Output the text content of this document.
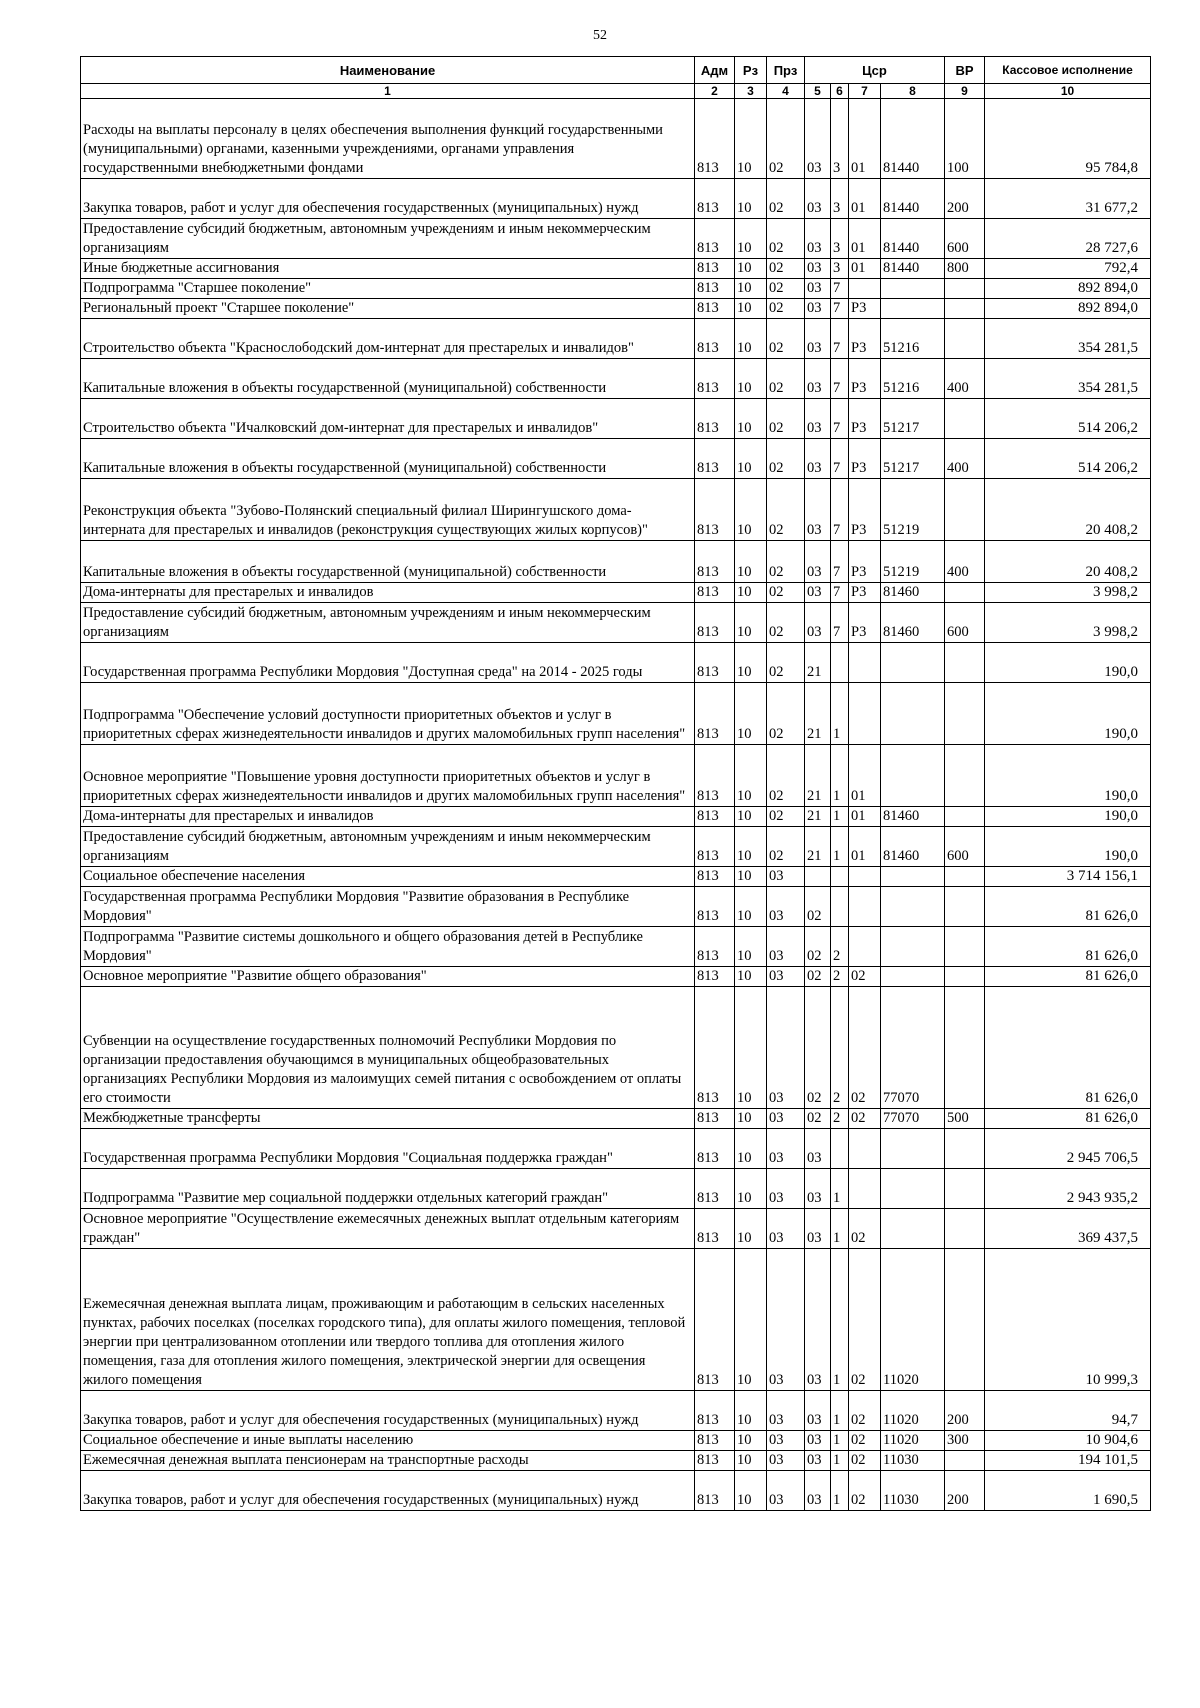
52
Наименование	Адм	Рз	Прз	Цср				ВР	Кассовое исполнение
1	2	3	4	5	6	7	8	9	10
Расходы на выплаты персоналу в целях обеспечения выполнения функций государственными (муниципальными) органами, казенными учреждениями, органами управления государственными внебюджетными фондами	813	10	02	03	3	01	81440	100	95 784,8
Закупка товаров, работ и услуг для обеспечения государственных (муниципальных) нужд	813	10	02	03	3	01	81440	200	31 677,2
Предоставление субсидий бюджетным, автономным учреждениям и иным некоммерческим организациям	813	10	02	03	3	01	81440	600	28 727,6
Иные бюджетные ассигнования	813	10	02	03	3	01	81440	800	792,4
Подпрограмма "Старшее поколение"	813	10	02	03	7				892 894,0
Региональный проект "Старшее поколение"	813	10	02	03	7	P3			892 894,0
Строительство объекта "Краснослободский дом-интернат для престарелых и инвалидов"	813	10	02	03	7	P3	51216		354 281,5
Капитальные вложения в объекты государственной (муниципальной) собственности	813	10	02	03	7	P3	51216	400	354 281,5
Строительство объекта "Ичалковский дом-интернат для престарелых и инвалидов"	813	10	02	03	7	P3	51217		514 206,2
Капитальные вложения в объекты государственной (муниципальной) собственности	813	10	02	03	7	P3	51217	400	514 206,2
Реконструкция объекта "Зубово-Полянский специальный филиал Ширингушского дома-интерната для престарелых и инвалидов (реконструкция существующих жилых корпусов)"	813	10	02	03	7	P3	51219		20 408,2
Капитальные вложения в объекты государственной (муниципальной) собственности	813	10	02	03	7	P3	51219	400	20 408,2
Дома-интернаты для престарелых и инвалидов	813	10	02	03	7	P3	81460		3 998,2
Предоставление субсидий бюджетным, автономным учреждениям и иным некоммерческим организациям	813	10	02	03	7	P3	81460	600	3 998,2
Государственная программа Республики Мордовия "Доступная среда" на 2014 - 2025 годы	813	10	02	21					190,0
Подпрограмма "Обеспечение условий доступности приоритетных объектов и услуг в приоритетных сферах жизнедеятельности инвалидов и других маломобильных групп населения"	813	10	02	21	1				190,0
Основное мероприятие "Повышение уровня доступности приоритетных объектов и услуг в приоритетных сферах жизнедеятельности инвалидов и других маломобильных групп населения"	813	10	02	21	1	01			190,0
Дома-интернаты для престарелых и инвалидов	813	10	02	21	1	01	81460		190,0
Предоставление субсидий бюджетным, автономным учреждениям и иным некоммерческим организациям	813	10	02	21	1	01	81460	600	190,0
Социальное обеспечение населения	813	10	03						3 714 156,1
Государственная программа Республики Мордовия "Развитие образования в Республике Мордовия"	813	10	03	02					81 626,0
Подпрограмма "Развитие системы дошкольного и общего образования детей в Республике Мордовия"	813	10	03	02	2				81 626,0
Основное мероприятие "Развитие общего образования"	813	10	03	02	2	02			81 626,0
Субвенции на осуществление государственных полномочий Республики Мордовия по организации предоставления обучающимся в муниципальных общеобразовательных организациях Республики Мордовия из малоимущих семей питания с освобождением от оплаты его стоимости	813	10	03	02	2	02	77070		81 626,0
Межбюджетные трансферты	813	10	03	02	2	02	77070	500	81 626,0
Государственная программа Республики Мордовия "Социальная поддержка граждан"	813	10	03	03					2 945 706,5
Подпрограмма "Развитие мер социальной поддержки отдельных категорий граждан"	813	10	03	03	1				2 943 935,2
Основное мероприятие "Осуществление ежемесячных денежных выплат отдельным категориям граждан"	813	10	03	03	1	02			369 437,5
Ежемесячная денежная выплата лицам, проживающим и работающим в сельских населенных пунктах, рабочих поселках (поселках городского типа), для оплаты жилого помещения, тепловой энергии при централизованном отоплении или твердого топлива для отопления жилого помещения, газа для отопления жилого помещения, электрической энергии для освещения жилого помещения	813	10	03	03	1	02	11020		10 999,3
Закупка товаров, работ и услуг для обеспечения государственных (муниципальных) нужд	813	10	03	03	1	02	11020	200	94,7
Социальное обеспечение и иные выплаты населению	813	10	03	03	1	02	11020	300	10 904,6
Ежемесячная денежная выплата пенсионерам на транспортные расходы	813	10	03	03	1	02	11030		194 101,5
Закупка товаров, работ и услуг для обеспечения государственных (муниципальных) нужд	813	10	03	03	1	02	11030	200	1 690,5
